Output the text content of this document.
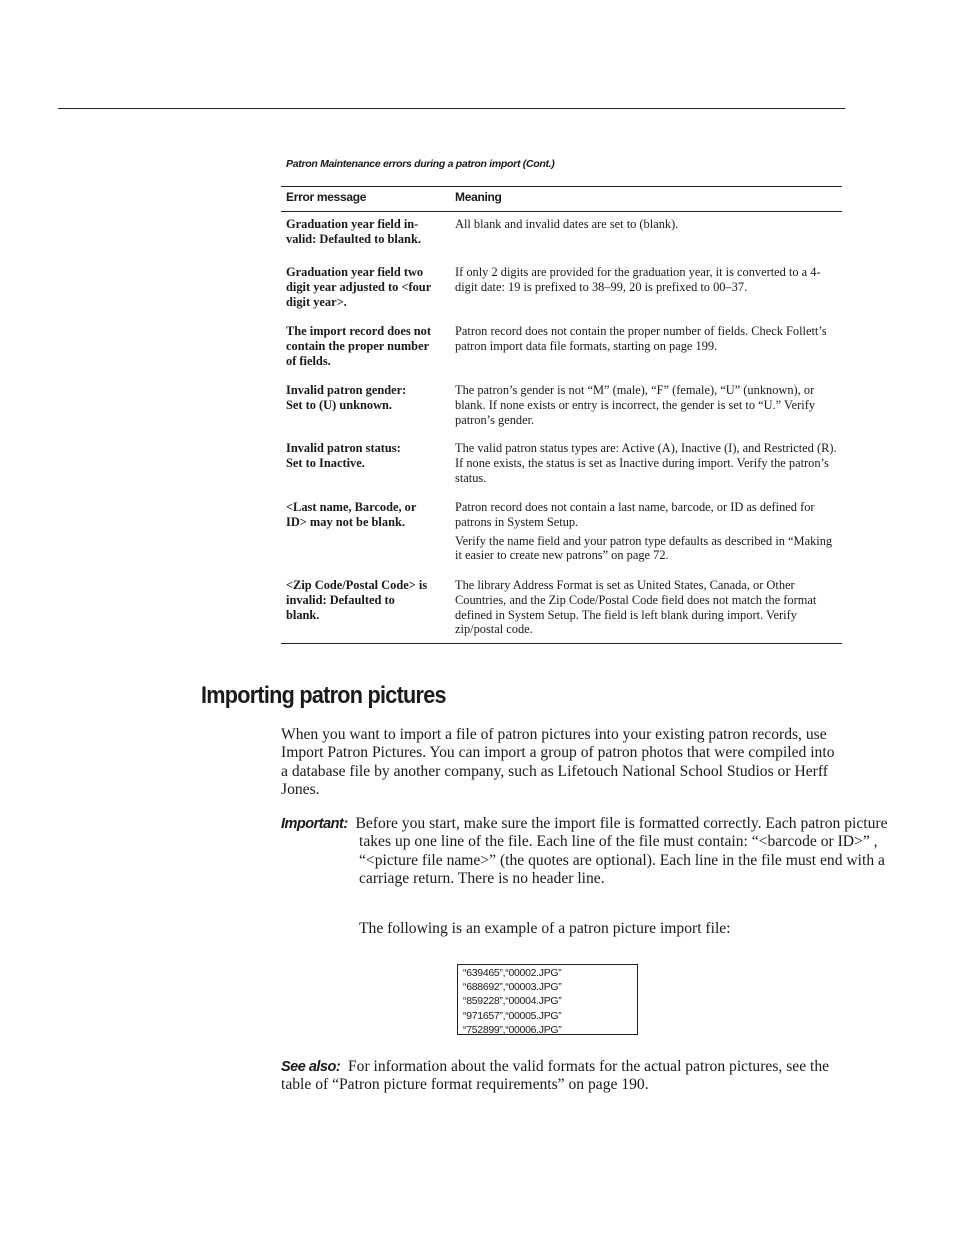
Patron Maintenance errors during a patron import (Cont.)
Error message	Meaning
Graduation year field in-
valid: Defaulted to blank.

All blank and invalid dates are set to (blank).

Graduation year field two
digit year adjusted to <four
digit year>.

If only 2 digits are provided for the graduation year, it is converted to a 4-digit date: 19 is prefixed to 38–99, 20 is prefixed to 00–37.

The import record does not
contain the proper number
of fields.

Patron record does not contain the proper number of fields. Check Follett’s patron import data file formats, starting on page 199.

Invalid patron gender:
Set to (U) unknown.

The patron’s gender is not “M” (male), “F” (female), “U” (unknown), or blank. If none exists or entry is incorrect, the gender is set to “U.” Verify patron’s gender.

Invalid patron status:
Set to Inactive.

The valid patron status types are: Active (A), Inactive (I), and Restricted (R). If none exists, the status is set as Inactive during import. Verify the patron’s status.

<Last name, Barcode, or
ID> may not be blank.

Patron record does not contain a last name, barcode, or ID as defined for patrons in System Setup.

Verify the name field and your patron type defaults as described in “Making it easier to create new patrons” on page 72.

<Zip Code/Postal Code> is
invalid: Defaulted to
blank.

The library Address Format is set as United States, Canada, or Other Countries, and the Zip Code/Postal Code field does not match the format defined in System Setup. The field is left blank during import. Verify zip/postal code.

Importing patron pictures

When you want to import a file of patron pictures into your existing patron records, use Import Patron Pictures. You can import a group of patron photos that were compiled into a database file by another company, such as Lifetouch National School Studios or Herff Jones.

Important: Before you start, make sure the import file is formatted correctly. Each patron picture takes up one line of the file. Each line of the file must contain: “<barcode or ID>” , “<picture file name>” (the quotes are optional). Each line in the file must end with a carriage return. There is no header line.

The following is an example of a patron picture import file:

“639465”,“00002.JPG”
“688692”,“00003.JPG”
“859228”,“00004.JPG”
“971657”,“00005.JPG”
“752899”,“00006.JPG”

See also: For information about the valid formats for the actual patron pictures, see the table of “Patron picture format requirements” on page 190.
